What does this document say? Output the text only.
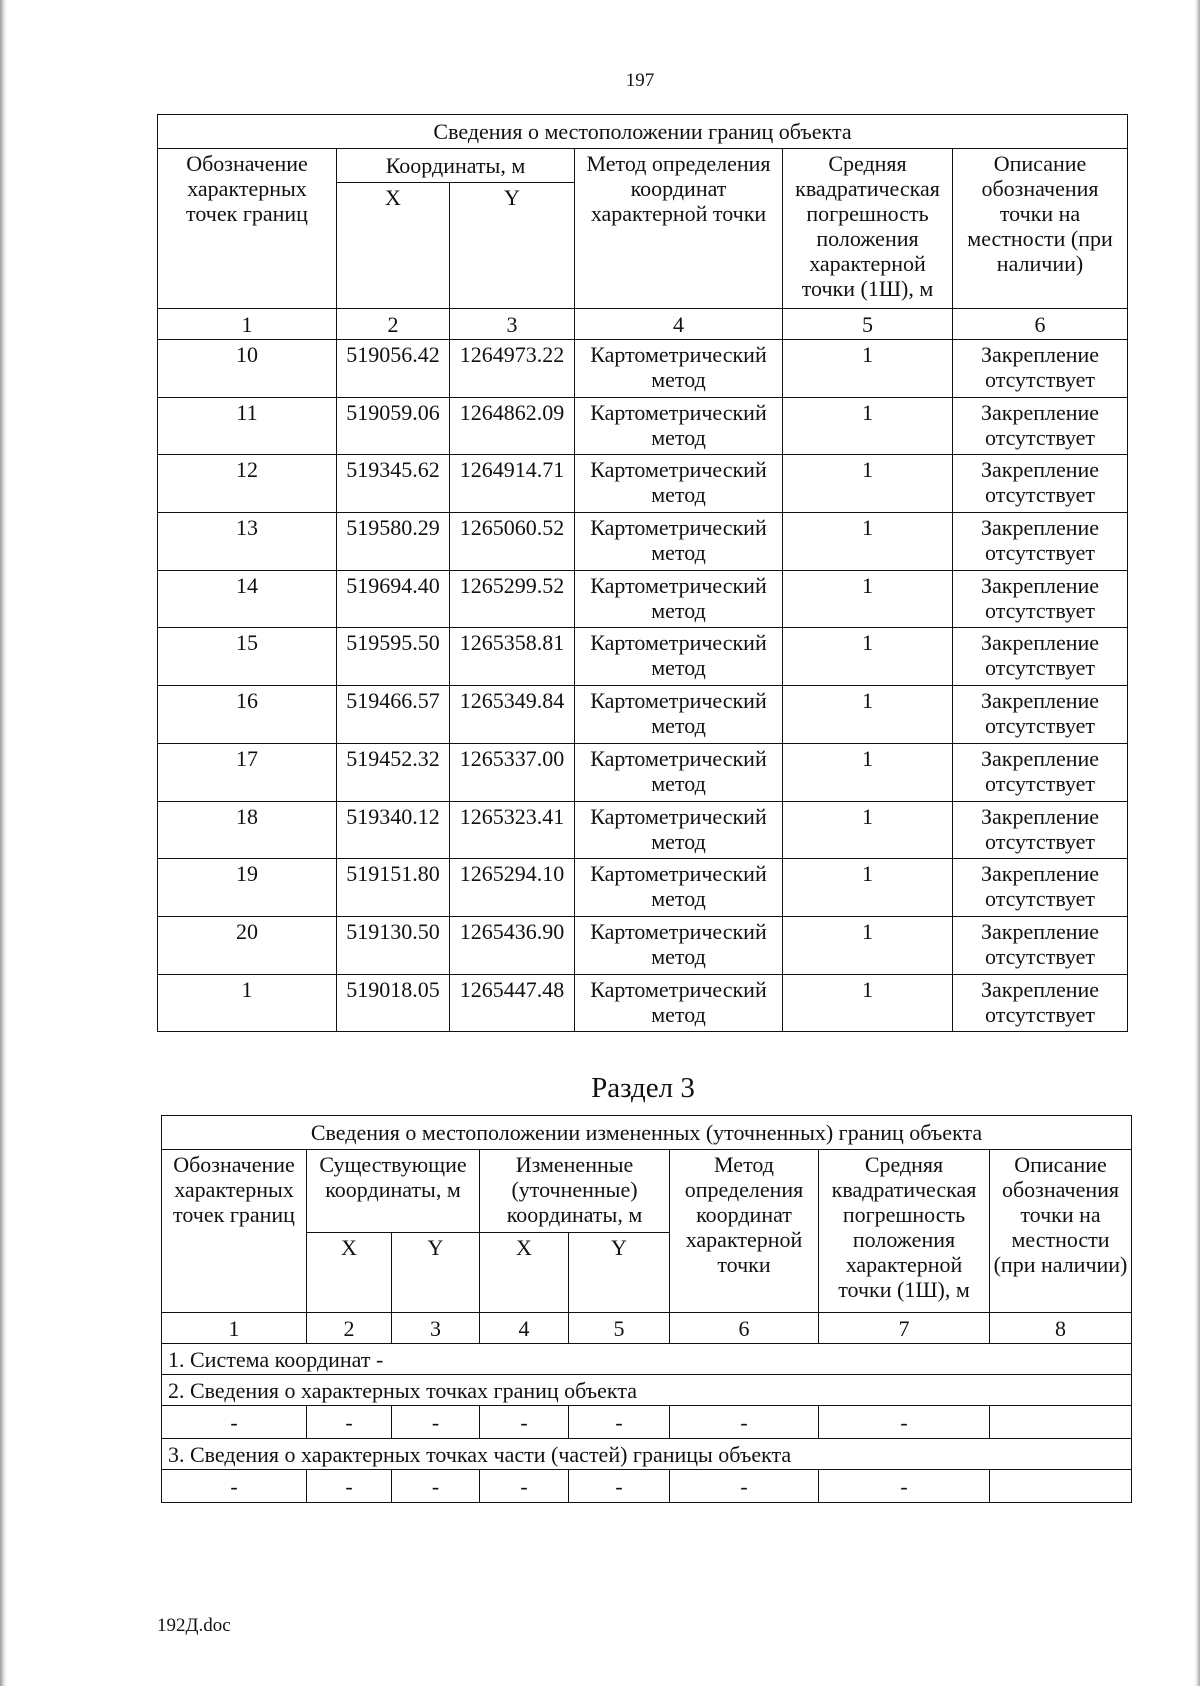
197
Сведения о местоположении границ объекта					
Обозначение характерных точек границ	Координаты, м		Метод определения координат характерной точки	Средняя квадратическая погрешность положения характерной точки (1Ш), м	Описание обозначения точки на местности (при наличии)
	X	Y			
1	2	3	4	5	6
10	519056.42	1264973.22	Картометрический метод	1	Закрепление отсутствует
11	519059.06	1264862.09	Картометрический метод	1	Закрепление отсутствует
12	519345.62	1264914.71	Картометрический метод	1	Закрепление отсутствует
13	519580.29	1265060.52	Картометрический метод	1	Закрепление отсутствует
14	519694.40	1265299.52	Картометрический метод	1	Закрепление отсутствует
15	519595.50	1265358.81	Картометрический метод	1	Закрепление отсутствует
16	519466.57	1265349.84	Картометрический метод	1	Закрепление отсутствует
17	519452.32	1265337.00	Картометрический метод	1	Закрепление отсутствует
18	519340.12	1265323.41	Картометрический метод	1	Закрепление отсутствует
19	519151.80	1265294.10	Картометрический метод	1	Закрепление отсутствует
20	519130.50	1265436.90	Картометрический метод	1	Закрепление отсутствует
1	519018.05	1265447.48	Картометрический метод	1	Закрепление отсутствует
Раздел 3
Сведения о местоположении измененных (уточненных) границ объекта							
Обозначение характерных точек границ	Существующие координаты, м		Измененные (уточненные) координаты, м		Метод определения координат характерной точки	Средняя квадратическая погрешность положения характерной точки (1Ш), м	Описание обозначения точки на местности (при наличии)
	X	Y	X	Y			
1	2	3	4	5	6	7	8
1. Система координат -							
2. Сведения о характерных точках границ объекта							
-	-	-	-	-	-	-	
3. Сведения о характерных точках части (частей) границы объекта							
-	-	-	-	-	-	-	
192Д.doc
